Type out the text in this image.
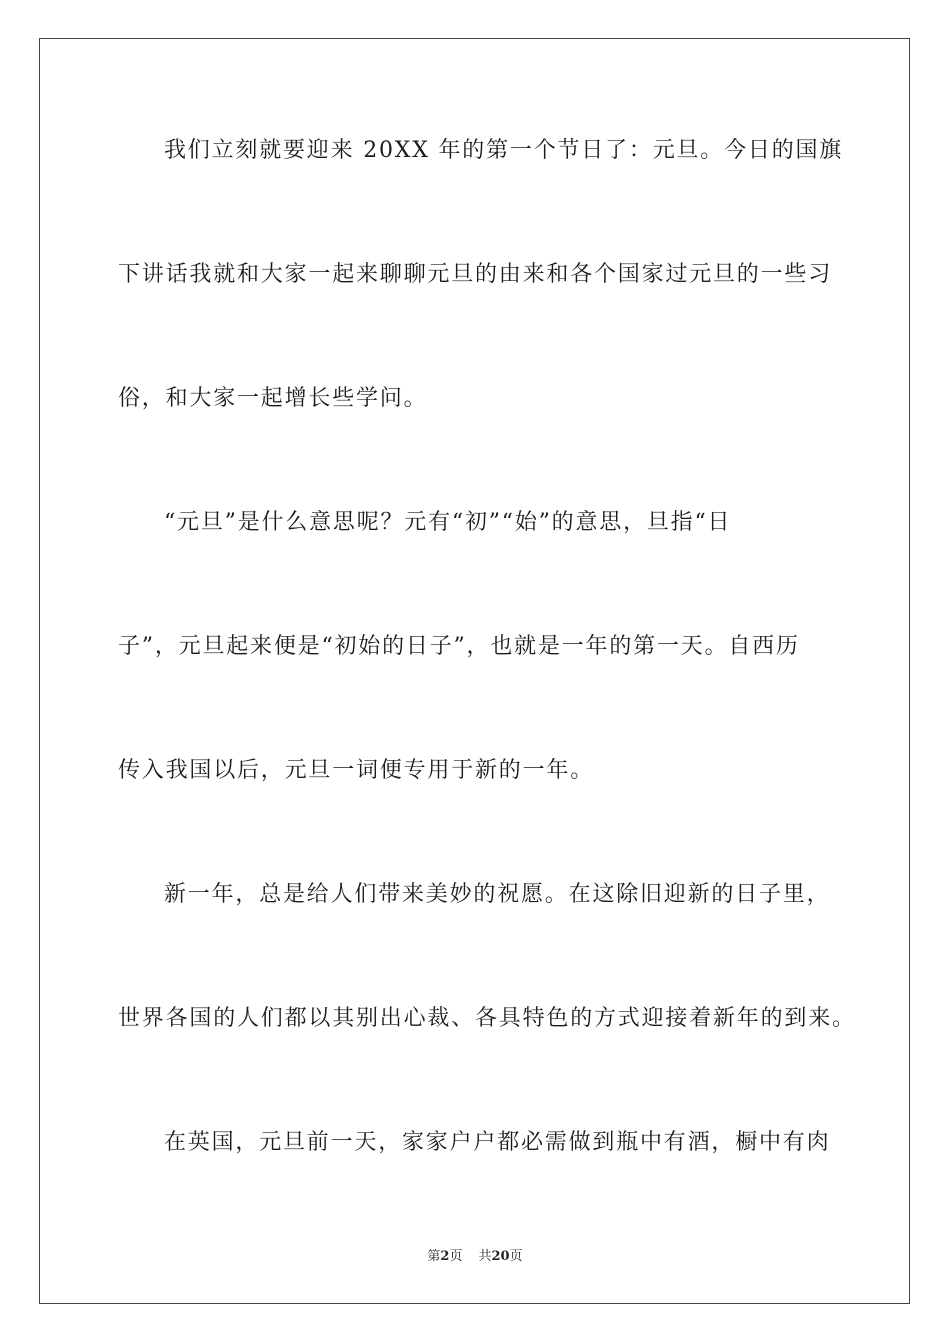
我们立刻就要迎来 20XX 年的第一个节日了：元旦。今日的国旗
下讲话我就和大家一起来聊聊元旦的由来和各个国家过元旦的一些习
俗，和大家一起增长些学问。
“元旦”是什么意思呢？元有“初”“始”的意思，旦指“日
子”，元旦起来便是“初始的日子”，也就是一年的第一天。自西历
传入我国以后，元旦一词便专用于新的一年。
新一年，总是给人们带来美妙的祝愿。在这除旧迎新的日子里，
世界各国的人们都以其别出心裁、各具特色的方式迎接着新年的到来。
在英国，元旦前一天，家家户户都必需做到瓶中有酒，橱中有肉
第2页 共20页
